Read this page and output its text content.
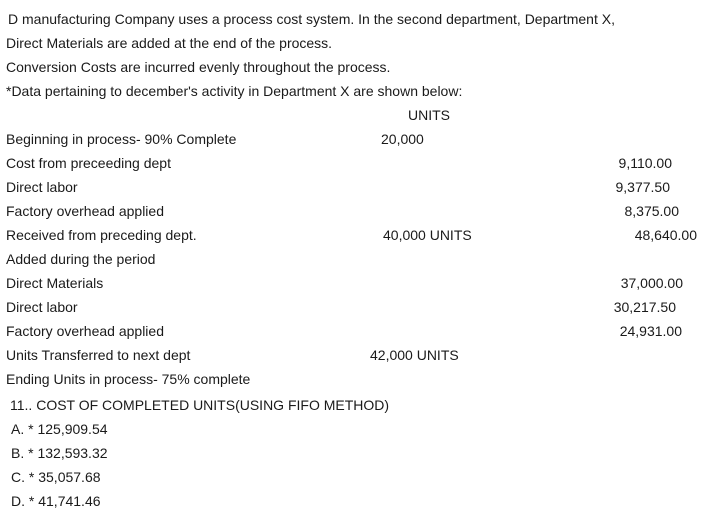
D manufacturing Company uses a process cost system. In the second department, Department X,
Direct Materials are added at the end of the process.
Conversion Costs are incurred evenly throughout the process.
*Data pertaining to december's activity in Department X are shown below:
UNITS
Beginning in process- 90% Complete	20,000
Cost from preceeding dept	9,110.00
Direct labor	9,377.50
Factory overhead applied	8,375.00
Received from preceding dept.	40,000 UNITS	48,640.00
Added during the period
Direct Materials	37,000.00
Direct labor	30,217.50
Factory overhead applied	24,931.00
Units Transferred to next dept	42,000 UNITS
Ending Units in process- 75% complete
11.. COST OF COMPLETED UNITS(USING FIFO METHOD)
A. * 125,909.54
B. * 132,593.32
C. * 35,057.68
D. * 41,741.46
